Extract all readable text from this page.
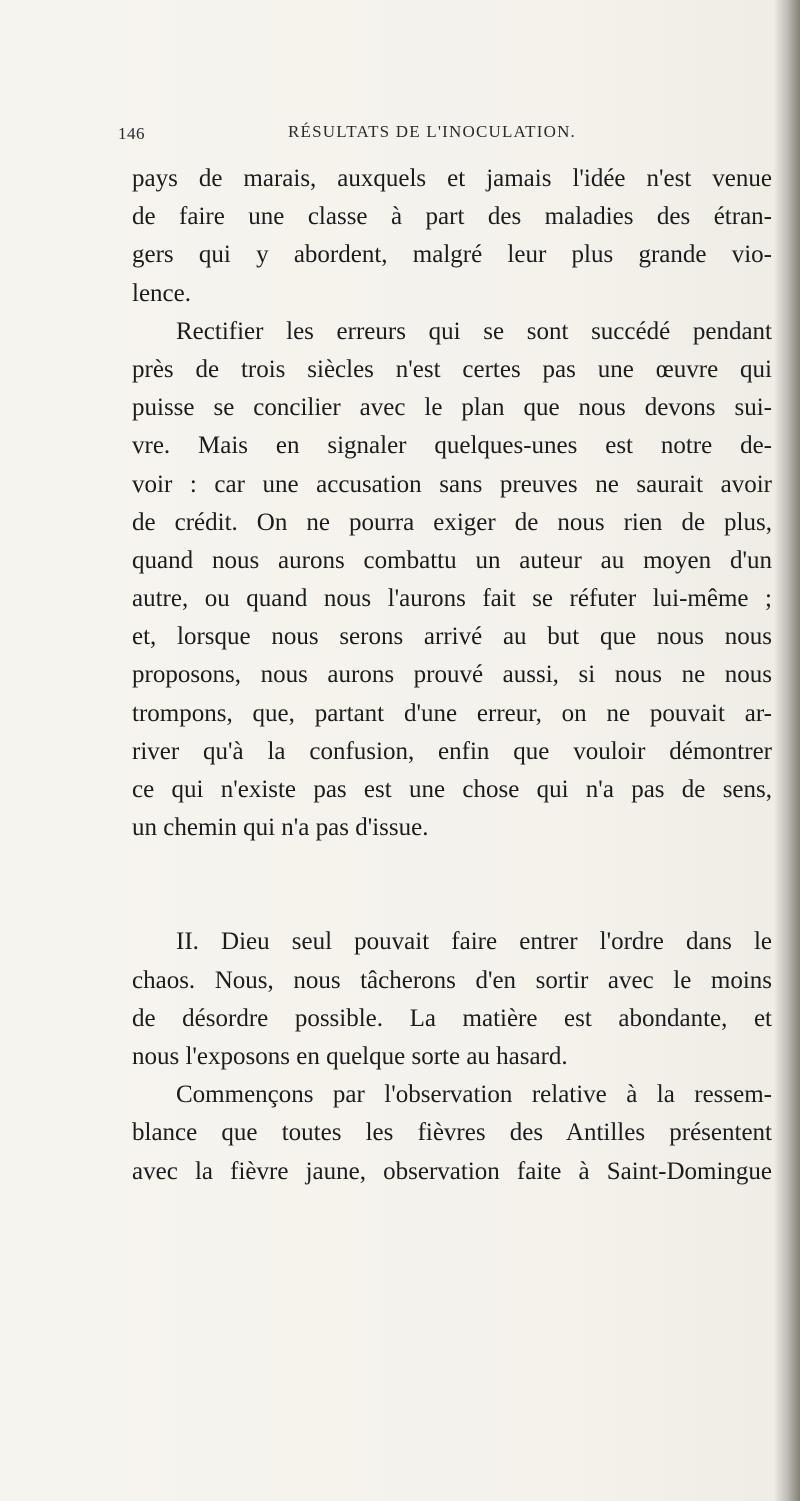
146	RÉSULTATS DE L'INOCULATION.
pays de marais, auxquels et jamais l'idée n'est venue
de faire une classe à part des maladies des étran-
gers qui y abordent, malgré leur plus grande vio-
lence.
Rectifier les erreurs qui se sont succédé pendant
près de trois siècles n'est certes pas une œuvre qui
puisse se concilier avec le plan que nous devons sui-
vre. Mais en signaler quelques-unes est notre de-
voir : car une accusation sans preuves ne saurait avoir
de crédit. On ne pourra exiger de nous rien de plus,
quand nous aurons combattu un auteur au moyen d'un
autre, ou quand nous l'aurons fait se réfuter lui-même ;
et, lorsque nous serons arrivé au but que nous nous
proposons, nous aurons prouvé aussi, si nous ne nous
trompons, que, partant d'une erreur, on ne pouvait ar-
river qu'à la confusion, enfin que vouloir démontrer
ce qui n'existe pas est une chose qui n'a pas de sens,
un chemin qui n'a pas d'issue.
II. Dieu seul pouvait faire entrer l'ordre dans le
chaos. Nous, nous tâcherons d'en sortir avec le moins
de désordre possible. La matière est abondante, et
nous l'exposons en quelque sorte au hasard.
Commençons par l'observation relative à la ressem-
blance que toutes les fièvres des Antilles présentent
avec la fièvre jaune, observation faite à Saint-Domingue
